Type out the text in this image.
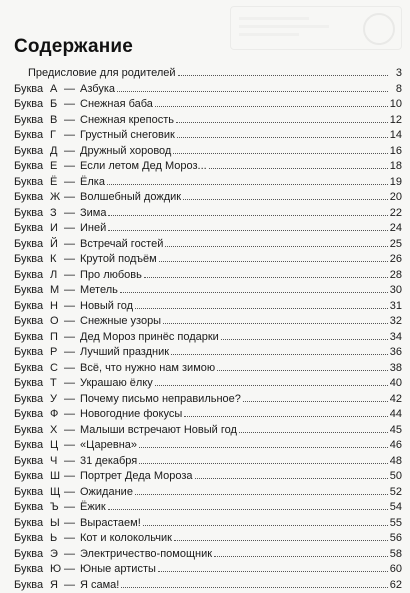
Содержание
Предисловие для родителей	3
Буква А — Азбука	8
Буква Б — Снежная баба	10
Буква В — Снежная крепость	12
Буква Г — Грустный снеговик	14
Буква Д — Дружный хоровод	16
Буква Е — Если летом Дед Мороз...	18
Буква Ё — Ёлка	19
Буква Ж — Волшебный дождик	20
Буква З — Зима	22
Буква И — Иней	24
Буква Й — Встречай гостей	25
Буква К — Крутой подъём	26
Буква Л — Про любовь	28
Буква М — Метель	30
Буква Н — Новый год	31
Буква О — Снежные узоры	32
Буква П — Дед Мороз принёс подарки	34
Буква Р — Лучший праздник	36
Буква С — Всё, что нужно нам зимою	38
Буква Т — Украшаю ёлку	40
Буква У — Почему письмо неправильное?	42
Буква Ф — Новогодние фокусы	44
Буква Х — Малыши встречают Новый год	45
Буква Ц — «Царевна»	46
Буква Ч — 31 декабря	48
Буква Ш — Портрет Деда Мороза	50
Буква Щ — Ожидание	52
Буква Ъ — Ёжик	54
Буква Ы — Вырастаем!	55
Буква Ь — Кот и колокольчик	56
Буква Э — Электричество-помощник	58
Буква Ю — Юные артисты	60
Буква Я — Я сама!	62
